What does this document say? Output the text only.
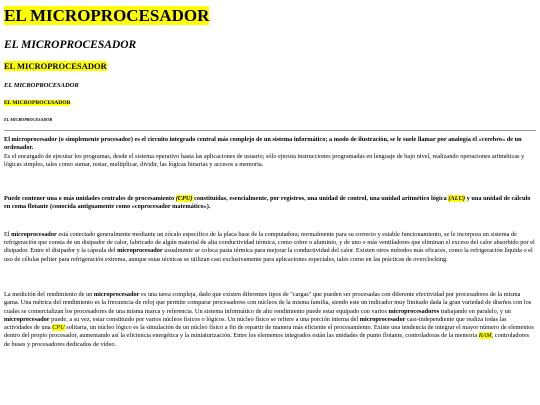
EL MICROPROCESADOR
EL MICROPROCESADOR
EL MICROPROCESADOR
EL MICROPROCESADOR
EL MICROPROCESADOR
EL MICROPROCESADOR

El microprocesador (o simplemente procesador) es el circuito integrado central más complejo de un sistema informático; a modo de ilustración, se le suele llamar por analogía el «cerebro» de un ordenador.
Es el encargado de ejecutar los programas, desde el sistema operativo hasta las aplicaciones de usuario; sólo ejecuta instrucciones programadas en lenguaje de bajo nivel, realizando operaciones aritméticas y lógicas simples, tales como sumar, restar, multiplicar, dividir, las lógicas binarias y accesos a memoria.

Puede contener una o más unidades centrales de procesamiento (CPU) constituidas, esencialmente, por registros, una unidad de control, una unidad aritmético lógica (ALU) y una unidad de cálculo en coma flotante (conocida antiguamente como «coprocesador matemático»).

El microprocesador está conectado generalmente mediante un zócalo específico de la placa base de la computadora; normalmente para su correcto y estable funcionamiento, se le incorpora un sistema de refrigeración que consta de un disipador de calor, fabricado de algún material de alta conductividad térmica, como cobre o aluminio, y de uno o más ventiladores que eliminan el exceso del calor absorbido por el disipador. Entre el disipador y la cápsula del microprocesador usualmente se coloca pasta térmica para mejorar la conductividad del calor. Existen otros métodos más eficaces, como la refrigeración líquida o el uso de células peltier para refrigeración extrema, aunque estas técnicas se utilizan casi exclusivamente para aplicaciones especiales, tales como en las prácticas de overclocking.

La medición del rendimiento de un microprocesador es una tarea compleja, dado que existen diferentes tipos de "cargas" que pueden ser procesadas con diferente efectividad por procesadores de la misma gama. Una métrica del rendimiento es la frecuencia de reloj que permite comparar procesadores con núcleos de la misma familia, siendo este un indicador muy limitado dada la gran variedad de diseños con los cuales se comercializan los procesadores de una misma marca y referencia. Un sistema informático de alto rendimiento puede estar equipado con varios microprocesadores trabajando en paralelo, y un microprocesador puede, a su vez, estar constituido por varios núcleos físicos o lógicos. Un núcleo físico se refiere a una porción interna del microprocesador casi-independiente que realiza todas las actividades de una CPU solitaria, un núcleo lógico es la simulación de un núcleo físico a fin de repartir de manera más eficiente el procesamiento. Existe una tendencia de integrar el mayor número de elementos dentro del propio procesador, aumentando así la eficiencia energética y la miniaturización. Entre los elementos integrados están las unidades de punto flotante, controladoras de la memoria RAM, controladores de buses y procesadores dedicados de vídeo.
